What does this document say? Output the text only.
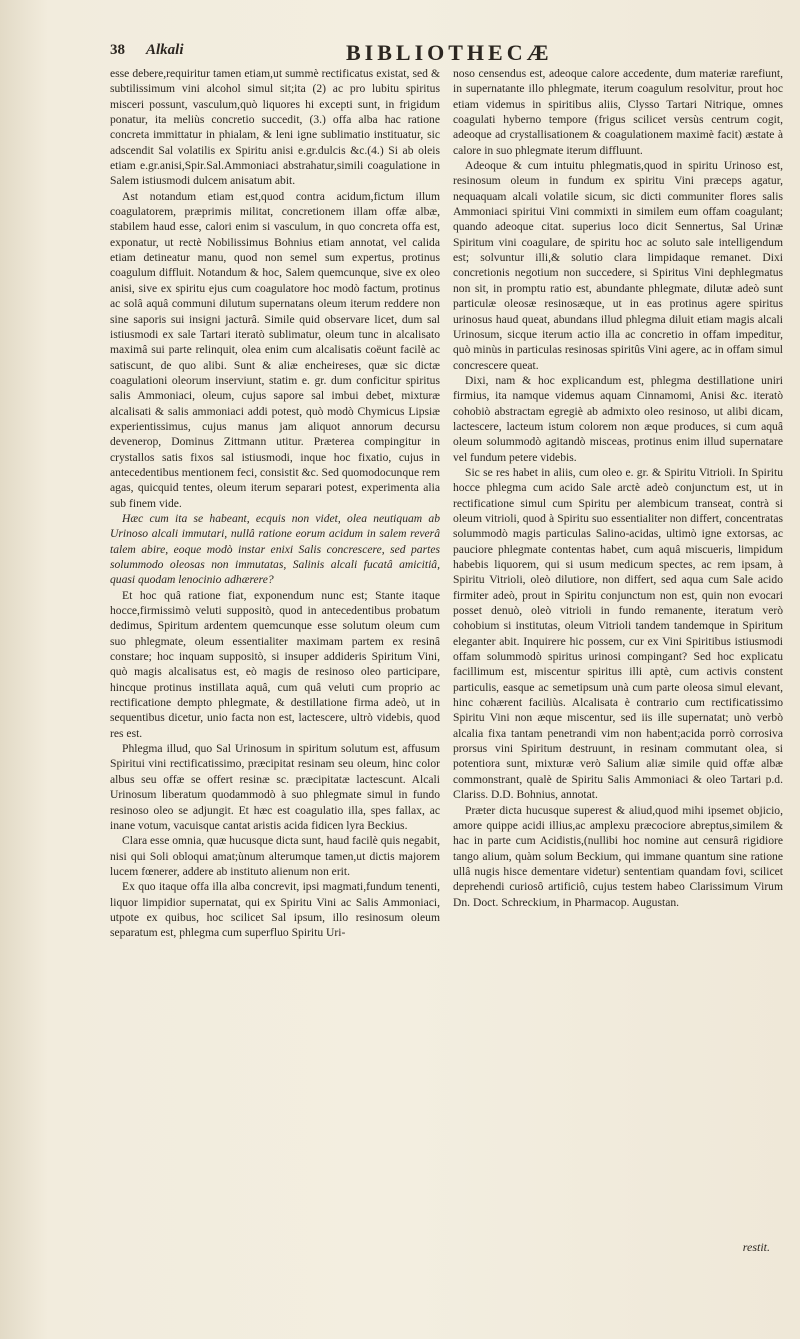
38 Alkali	BIBLIOTHECÆ

esse debere,requiritur tamen etiam,ut summè rectificatus existat, sed & subtilissimum vini alcohol simul sit;ita (2) ac pro lubitu spiritus misceri possunt, vasculum,quò liquores hi excepti sunt, in frigidum ponatur, ita meliùs concretio succedit, (3.) offa alba hac ratione concreta immittatur in phialam, & leni igne sublimatio instituatur, sic adscendit Sal volatilis ex Spiritu anisi e.gr.dulcis &c.(4.) Si ab oleis etiam e.gr.anisi,Spir.Sal.Ammoniaci abstrahatur,simili coagulatione in Salem istiusmodi dulcem anisatum abit.

Ast notandum etiam est,quod contra acidum,fictum illum coagulatorem, præprimis militat, concretionem illam offæ albæ, stabilem haud esse, calori enim si vasculum, in quo concreta offa est, exponatur, ut rectè Nobilissimus Bohnius etiam annotat, vel calida etiam detineatur manu, quod non semel sum expertus, protinus coagulum diffluit. Notandum & hoc, Salem quemcunque, sive ex oleo anisi, sive ex spiritu ejus cum coagulatore hoc modò factum, protinus ac solâ aquâ communi dilutum supernatans oleum iterum reddere non sine saporis sui insigni jacturâ. Simile quid observare licet, dum sal istiusmodi ex sale Tartari iteratò sublimatur, oleum tunc in alcalisato maximâ sui parte relinquit, olea enim cum alcalisatis coëunt facilè ac satiscunt, de quo alibi. Sunt & aliæ encheireses, quæ sic dictæ coagulationi oleorum inserviunt, statim e. gr. dum conficitur spiritus salis Ammoniaci, oleum, cujus sapore sal imbui debet, mixturæ alcalisati & salis ammoniaci addi potest, quò modò Chymicus Lipsiæ experientissimus, cujus manus jam aliquot annorum decursu devenerор, Dominus Zittmann utitur. Præterea compingitur in crystallos satis fixos sal istiusmodi, inque hoc fixatio, cujus in antecedentibus mentionem feci, consistit &c. Sed quomodocunque rem agas, quicquid tentes, oleum iterum separari potest, experimenta alia sub finem vide.

Hæc cum ita se habeant, ecquis non videt, olea neutiquam ab Urinoso alcali immutari, nullâ ratione eorum acidum in salem reverâ talem abire, eoque modò instar enixi Salis concrescere, sed partes solummodo oleosas non immutatas, Salinis alcali fucatâ amicitiâ, quasi quodam lenocinio adhærere?

Et hoc quâ ratione fiat, exponendum nunc est; Stante itaque hocce,firmissimò veluti suppositò, quod in antecedentibus probatum dedimus, Spiritum ardentem quemcunque esse solutum oleum cum suo phlegmate, oleum essentialiter maximam partem ex resinâ constare; hoc inquam suppositò, si insuper addideris Spiritum Vini, quò magis alcalisatus est, eò magis de resinoso oleo participare, hincque protinus instillata aquâ, cum quâ veluti cum proprio ac rectificatione dempto phlegmate, & destillatione firma adeò, ut in sequentibus dicetur, unio facta non est, lactescere, ultrò videbis, quod res est.

Phlegma illud, quo Sal Urinosum in spiritum solutum est, affusum Spiritui vini rectificatissimo, præcipitat resinam seu oleum, hinc color albus seu offæ se offert resinæ sc. præcipitatæ lactescunt. Alcali Urinosum liberatum quodammodò à suo phlegmate simul in fundo resinoso oleo se adjungit. Et hæc est coagulatio illa, spes fallax, ac inane votum, vacuisque cantat aristis acida fidicen lyra Beckius.

Clara esse omnia, quæ hucusque dicta sunt, haud facilè quis negabit, nisi qui Soli obloqui amat;ùnum alterumque tamen,ut dictis majorem lucem fœnerer, addere ab instituto alienum non erit.

Ex quo itaque offa illa alba concrevit, ipsi magmati,fundum tenenti, liquor limpidior supernatat, qui ex Spiritu Vini ac Salis Ammoniaci, utpote ex quibus, hoc scilicet Sal ipsum, illo resinosum oleum separatum est, phlegma cum superfluo Spiritu Uri-

noso censendus est, adeoque calore accedente, dum materiæ rarefiunt, in supernatante illo phlegmate, iterum coagulum resolvitur, prout hoc etiam videmus in spiritibus aliis, Clysso Tartari Nitrique, omnes coagulati hyberno tempore (frigus scilicet versùs centrum cogit, adeoque ad crystallisationem & coagulationem maximè facit) æstate à calore in suo phlegmate iterum diffluunt.

Adeoque & cum intuitu phlegmatis,quod in spiritu Urinoso est, resinosum oleum in fundum ex spiritu Vini præceps agatur, nequaquam alcali volatile sicum, sic dicti communiter flores salis Ammoniaci spiritui Vini commixti in similem eum offam coagulant; quando adeoque citat. superius loco dicit Sennertus, Sal Urinæ Spiritum vini coagulare, de spiritu hoc ac soluto sale intelligendum est; solvuntur illi,& solutio clara limpidaque remanet. Dixi concretionis negotium non succedere, si Spiritus Vini dephlegmatus non sit, in promptu ratio est, abundante phlegmate, dilutæ adeò sunt particulæ oleosæ resinosæque, ut in eas protinus agere spiritus urinosus haud queat, abundans illud phlegma diluit etiam magis alcali Urinosum, sicque iterum actio illa ac concretio in offam impeditur, quò minùs in particulas resinosas spiritûs Vini agere, ac in offam simul concrescere queat.

Dixi, nam & hoc explicandum est, phlegma destillatione uniri firmius, ita namque videmus aquam Cinnamomi, Anisi &c. iteratò cohobiò abstractam egregiè ab admixto oleo resinoso, ut alibi dicam, lactescere, lacteum istum colorem non æque produces, si cum aquâ oleum solummodò agitandò misceas, protinus enim illud supernatare vel fundum petere videbis.

Sic se res habet in aliis, cum oleo e. gr. & Spiritu Vitrioli. In Spiritu hocce phlegma cum acido Sale arctè adeò conjunctum est, ut in rectificatione simul cum Spiritu per alembicum transeat, contrà si oleum vitrioli, quod à Spiritu suo essentialiter non differt, concentratas solummodò magis particulas Salino-acidas, ultimò igne extorsas, ac pauciore phlegmate contentas habet, cum aquâ miscueris, limpidum habebis liquorem, qui si usum medicum spectes, ac rem ipsam, à Spiritu Vitrioli, oleò dilutiore, non differt, sed aqua cum Sale acido firmiter adeò, prout in Spiritu conjunctum non est, quin non evocari posset denuò, oleò vitrioli in fundo remanente, iteratum verò cohobium si institutas, oleum Vitrioli tandem tandemque in Spiritum eleganter abit. Inquirere hic possem, cur ex Vini Spiritibus istiusmodi offam solummodò spiritus urinosi compingant? Sed hoc explicatu facillimum est, miscentur spiritus illi aptè, cum activis constent particulis, easque ac semetipsum unà cum parte oleosa simul elevant, hinc cohærent faciliùs. Alcalisata è contrario cum rectificatissimo Spiritu Vini non æque miscentur, sed iis ille supernatat; unò verbò alcalia fixa tantam penetrandi vim non habent;acida porrò corrosiva prorsus vini Spiritum destruunt, in resinam commutant olea, si potentiora sunt, mixturæ verò Salium aliæ simile quid offæ albæ commonstrant, qualè de Spiritu Salis Ammoniaci & oleo Tartari p.d. Clariss. D.D. Bohnius, annotat.

Præter dicta hucusque superest & aliud,quod mihi ipsemet objicio, amore quippe acidi illius,ac amplexu præcociore abreptus,similem & hac in parte cum Acidistis,(nullibi hoc nomine aut censurâ rigidiore tango alium, quàm solum Beckium, qui immane quantum sine ratione ullâ nugis hisce dementare videtur) sententiam quandam fovi, scilicet deprehendi curiosô artificiô, cujus testem habeo Clarissimum Virum Dn. Doct. Schreckium, in Pharmacop. Augustan.

restit.
